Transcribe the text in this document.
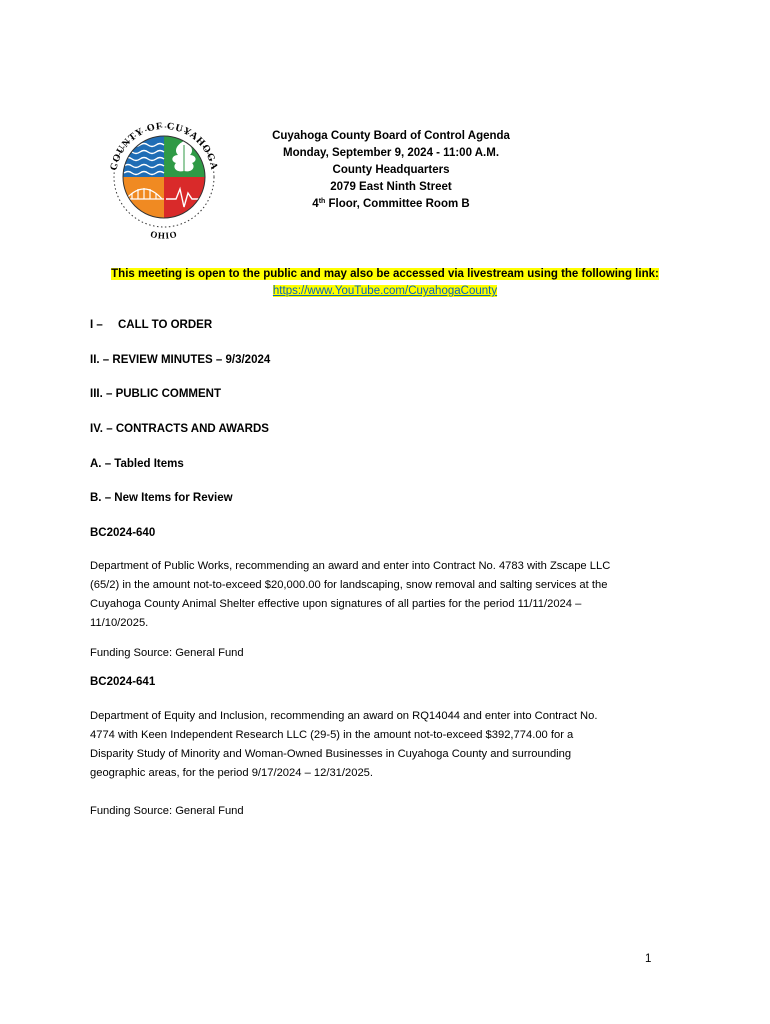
COUNTY OF CUYAHOGA
OHIO
Cuyahoga County Board of Control Agenda
Monday, September 9, 2024 - 11:00 A.M.
County Headquarters
2079 East Ninth Street
4th Floor, Committee Room B
This meeting is open to the public and may also be accessed via livestream using the following link:
https://www.YouTube.com/CuyahogaCounty
I – CALL TO ORDER
II. – REVIEW MINUTES – 9/3/2024
III. – PUBLIC COMMENT
IV. – CONTRACTS AND AWARDS
A. – Tabled Items
B. – New Items for Review
BC2024-640
Department of Public Works, recommending an award and enter into Contract No. 4783 with Zscape LLC
(65/2) in the amount not-to-exceed $20,000.00 for landscaping, snow removal and salting services at the
Cuyahoga County Animal Shelter effective upon signatures of all parties for the period 11/11/2024 –
11/10/2025.
Funding Source: General Fund
BC2024-641
Department of Equity and Inclusion, recommending an award on RQ14044 and enter into Contract No.
4774 with Keen Independent Research LLC (29-5) in the amount not-to-exceed $392,774.00 for a
Disparity Study of Minority and Woman-Owned Businesses in Cuyahoga County and surrounding
geographic areas, for the period 9/17/2024 – 12/31/2025.
Funding Source: General Fund
1
